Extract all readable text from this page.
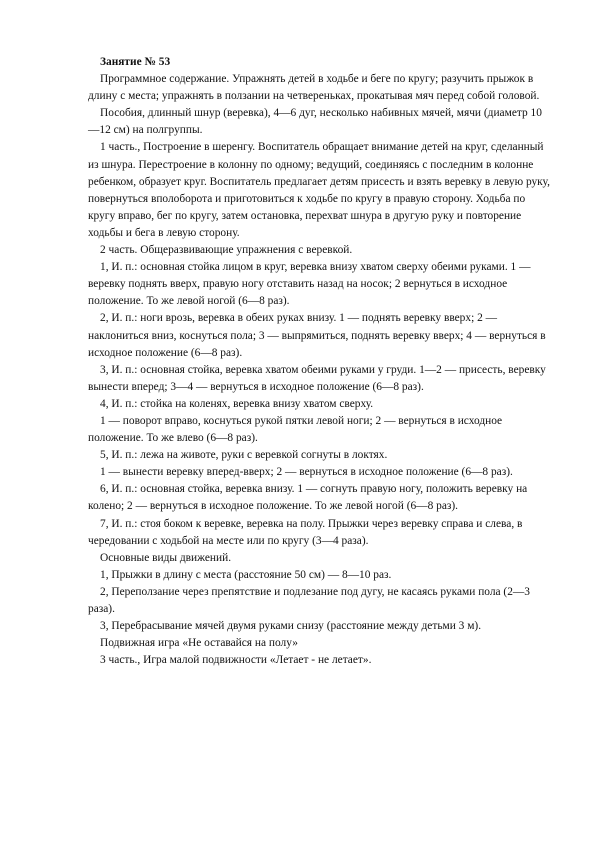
Занятие № 53

Программное содержание. Упражнять детей в ходьбе и беге по кругу; разучить прыжок в длину с места; упражнять в ползании на четвереньках, прокатывая мяч перед собой головой.

Пособия, длинный шнур (веревка), 4—6 дуг, несколько набивных мячей, мячи (диаметр 10—12 см) на полгруппы.

1 часть., Построение в шеренгу. Воспитатель обращает внимание детей на круг, сделанный из шнура. Перестроение в колонну по одному; ведущий, соединяясь с последним в колонне ребенком, образует круг. Воспитатель предлагает детям присесть и взять веревку в левую руку, повернуться вполоборота и приготовиться к ходьбе по кругу в правую сторону. Ходьба по кругу вправо, бег по кругу, затем остановка, перехват шнура в другую руку и повторение ходьбы и бега в левую сторону.

2 часть. Общеразвивающие упражнения с веревкой.

1, И. п.: основная стойка лицом в круг, веревка внизу хватом сверху обеими руками. 1 — веревку поднять вверх, правую ногу отставить назад на носок; 2 вернуться в исходное положение. То же левой ногой (6—8 раз).

2, И. п.: ноги врозь, веревка в обеих руках внизу. 1 — поднять веревку вверх; 2 — наклониться вниз, коснуться пола; 3 — выпрямиться, поднять веревку вверх; 4 — вернуться в исходное положение (6—8 раз).

3, И. п.: основная стойка, веревка хватом обеими руками у груди. 1—2 — присесть, веревку вынести вперед; 3—4 — вернуться в исходное положение (6—8 раз).

4, И. п.: стойка на коленях, веревка внизу хватом сверху.

1 — поворот вправо, коснуться рукой пятки левой ноги; 2 — вернуться в исходное положение. То же влево (6—8 раз).

5, И. п.: лежа на животе, руки с веревкой согнуты в локтях.

1 — вынести веревку вперед-вверх; 2 — вернуться в исходное положение (6—8 раз).

6, И. п.: основная стойка, веревка внизу. 1 — согнуть правую ногу, положить веревку на колено; 2 — вернуться в исходное положение. То же левой ногой (6—8 раз).

7, И. п.: стоя боком к веревке, веревка на полу. Прыжки через веревку справа и слева, в чередовании с ходьбой на месте или по кругу (3—4 раза).

Основные виды движений.

1, Прыжки в длину с места (расстояние 50 см) — 8—10 раз.

2, Переползание через препятствие и подлезание под дугу, не касаясь руками пола (2—3 раза).

3, Перебрасывание мячей двумя руками снизу (расстояние между детьми 3 м).

Подвижная игра «Не оставайся на полу»

3 часть., Игра малой подвижности «Летает - не летает».
